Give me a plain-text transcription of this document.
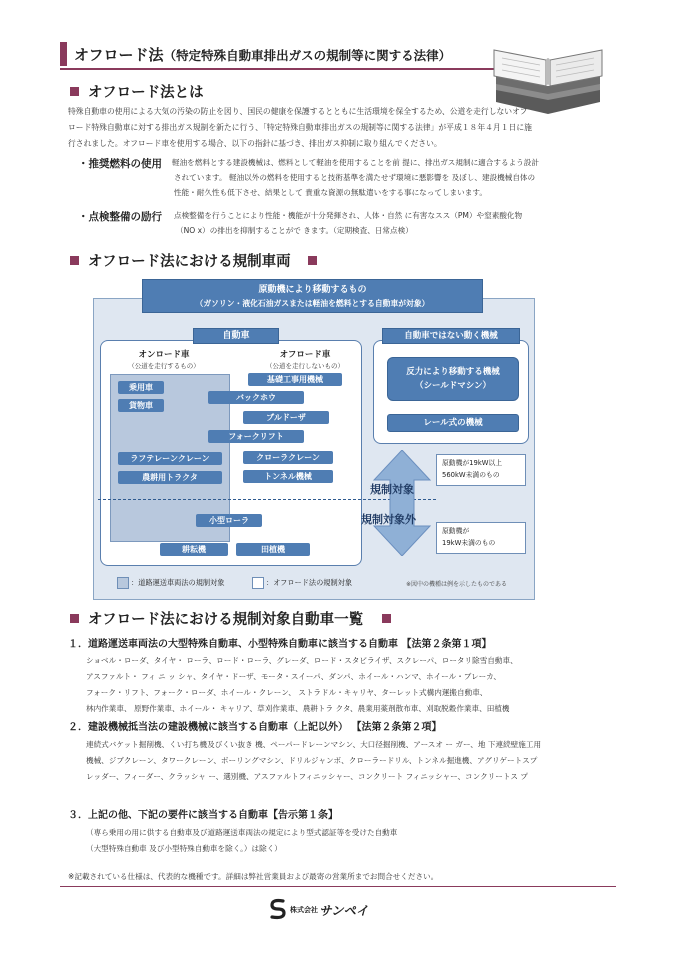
オフロード法（特定特殊自動車排出ガスの規制等に関する法律）
オフロード法とは
特殊自動車の使用による大気の汚染の防止を図り、国民の健康を保護するとともに生活環境を保全するため、公道を走行しないオフ
ロード特殊自動車に対する排出ガス規制を新たに行う、「特定特殊自動車排出ガスの規制等に関する法律」が平成１８年４月１日に施
行されました。オフロード車を使用する場合、以下の指針に基づき、排出ガス抑制に取り組んでください。
・推奨燃料の使用 軽油を燃料とする建設機械は、燃料として軽油を使用することを前 提に、排出ガス規制に適合するよう設計
されています。 軽油以外の燃料を使用すると技術基準を満たせず環境に悪影響を 及ぼし、建設機械自体の
性能・耐久性も低下させ、結果として 貴重な資源の無駄遣いをする事になってしまいます。
・点検整備の励行 点検整備を行うことにより性能・機能が十分発揮され、人体・自然 に有害なスス（PM）や窒素酸化物
（NO x）の排出を抑制することがで きます。（定期検査、日常点検）
オフロード法における規制車両
原動機により移動するもの
（ガソリン・液化石油ガスまたは軽油を燃料とする自動車が対象）
自動車	自動車ではない動く機械
反力により移動する機械
（シールドマシン）
レール式の機械
オンロード車
（公道を走行するもの）
オフロード車
（公道を走行しないもの）
乗用車
貨物車
基礎工事用機械
バックホウ
ブルドーザ
フォークリフト
ラフテレーンクレーン	クローラクレーン
農耕用トラクタ	トンネル機械
小型ローラ
耕耘機	田植機
規制対象
規制対象外
原動機が19kW以上
560kW未満のもの
原動機が
19kW未満のもの
：道路運送車両法の規制対象	：オフロード法の規制対象	※図中の機種は例を示したものである
オフロード法における規制対象自動車一覧
１．道路運送車両法の大型特殊自動車、小型特殊自動車に該当する自動車 【法第２条第１項】
ショベル・ローダ、タイヤ・ ローラ、ロード・ローラ、グレーダ、ロード・スタビライザ、スクレーパ、ロータリ除雪自動車、
アスファルト・ フィ ニ ッ シャ、タイヤ・ドーザ、モータ・スイーパ、ダンパ、ホイール・ハンマ、ホイール・ブレーカ、
フォーク・リフト、フォーク・ローダ、ホイール・クレーン、 ストラドル・キャリヤ、ターレット式構内運搬自動車、
林内作業車、 原野作業車、ホイール・ キャリア、草刈作業車、農耕トラ クタ、農業用薬剤散布車、刈取脱穀作業車、田植機
２．建設機械抵当法の建設機械に該当する自動車（上記以外） 【法第２条第２項】
連続式バケット掘削機、くい打ち機及びくい抜き 機、ペーパードレーンマシン、大口径掘削機、アースオ ー ガー、地 下連続壁施工用
機械、ジブクレーン、タワークレーン、ボーリングマシン、ドリルジャンボ、クローラードリル、トンネル掘進機、アグリゲートスプ
レッダー、フィーダー、クラッシャ ー、選別機、アスファルトフィニッシャー、コンクリート フィニッシャー、コンクリートス プ
３．上記の他、下記の要件に該当する自動車【告示第１条】
（専ら乗用の用に供する自動車及び道路運送車両法の規定により型式認証等を受けた自動車
（大型特殊自動車 及び小型特殊自動車を除く。）は除く）
※記載されている仕様は、代表的な機種です。詳細は弊社営業員および最寄の営業所までお問合せください。
株式会社 サンペイ
